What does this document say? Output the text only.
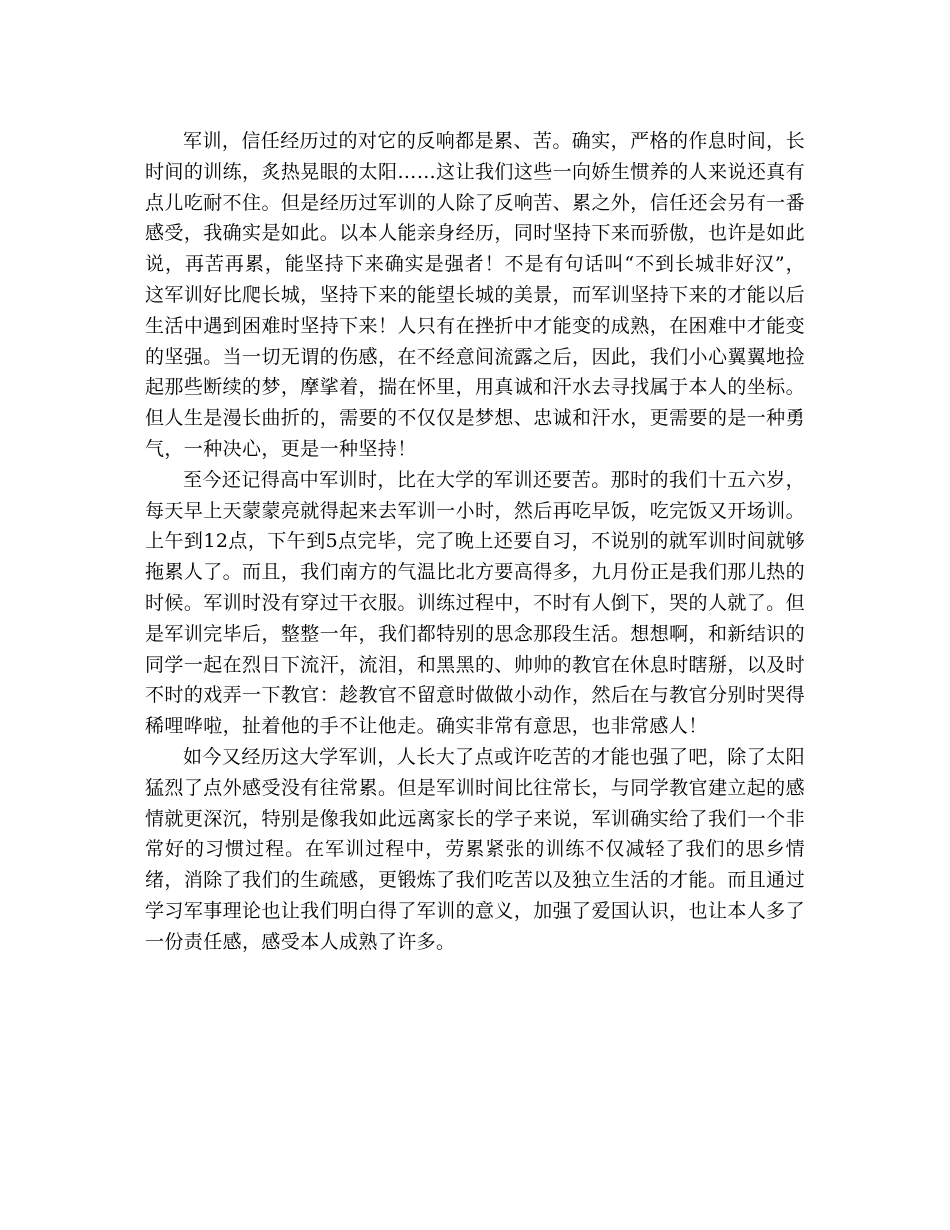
军训，信任经历过的对它的反响都是累、苦。确实，严格的作息时间，长时间的训练，炙热晃眼的太阳……这让我们这些一向娇生惯养的人来说还真有点儿吃耐不住。但是经历过军训的人除了反响苦、累之外，信任还会另有一番感受，我确实是如此。以本人能亲身经历，同时坚持下来而骄傲，也许是如此说，再苦再累，能坚持下来确实是强者！不是有句话叫“不到长城非好汉”，这军训好比爬长城，坚持下来的能望长城的美景，而军训坚持下来的才能以后生活中遇到困难时坚持下来！人只有在挫折中才能变的成熟，在困难中才能变的坚强。当一切无谓的伤感，在不经意间流露之后，因此，我们小心翼翼地捡起那些断续的梦，摩挲着，揣在怀里，用真诚和汗水去寻找属于本人的坐标。但人生是漫长曲折的，需要的不仅仅是梦想、忠诚和汗水，更需要的是一种勇气，一种决心，更是一种坚持！

至今还记得高中军训时，比在大学的军训还要苦。那时的我们十五六岁，每天早上天蒙蒙亮就得起来去军训一小时，然后再吃早饭，吃完饭又开场训。上午到12点，下午到5点完毕，完了晚上还要自习，不说别的就军训时间就够拖累人了。而且，我们南方的气温比北方要高得多，九月份正是我们那儿热的时候。军训时没有穿过干衣服。训练过程中，不时有人倒下，哭的人就了。但是军训完毕后，整整一年，我们都特别的思念那段生活。想想啊，和新结识的同学一起在烈日下流汗，流泪，和黑黑的、帅帅的教官在休息时瞎掰，以及时不时的戏弄一下教官：趁教官不留意时做做小动作，然后在与教官分别时哭得稀哩哗啦，扯着他的手不让他走。确实非常有意思，也非常感人！

如今又经历这大学军训，人长大了点或许吃苦的才能也强了吧，除了太阳猛烈了点外感受没有往常累。但是军训时间比往常长，与同学教官建立起的感情就更深沉，特别是像我如此远离家长的学子来说，军训确实给了我们一个非常好的习惯过程。在军训过程中，劳累紧张的训练不仅减轻了我们的思乡情绪，消除了我们的生疏感，更锻炼了我们吃苦以及独立生活的才能。而且通过学习军事理论也让我们明白得了军训的意义，加强了爱国认识，也让本人多了一份责任感，感受本人成熟了许多。
